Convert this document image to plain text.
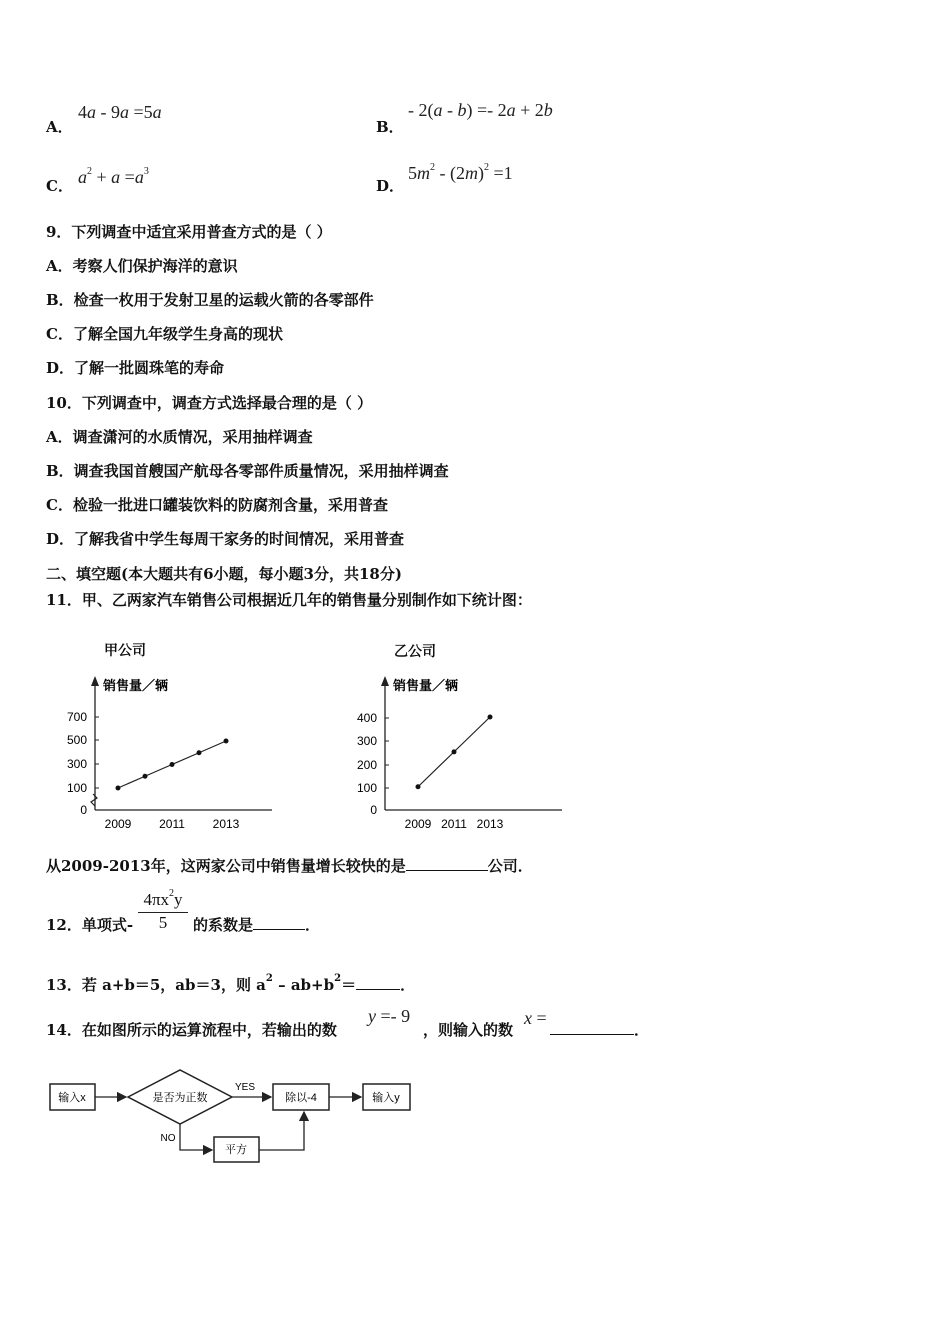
A．
4a - 9a =5a
B．
- 2(a - b) =- 2a + 2b
C． $a^2 + a =a^3$
D．
$5m^2 - (2m)^2 =1$
9．下列调查中适宜采用普查方式的是（ ）
A．考察人们保护海洋的意识
B．检查一枚用于发射卫星的运载火箭的各零部件
C．了解全国九年级学生身高的现状
D．了解一批圆珠笔的寿命
10．下列调查中，调查方式选择最合理的是（ ）
A．调查潇河的水质情况，采用抽样调查
B．调查我国首艘国产航母各零部件质量情况，采用抽样调查
C．检验一批进口罐装饮料的防腐剂含量，采用普查
D．了解我省中学生每周干家务的时间情况，采用普查
二、填空题(本大题共有6小题，每小题3分，共18分)
11．甲、乙两家汽车销售公司根据近几年的销售量分别制作如下统计图：
甲公司	乙公司
销售量／辆
0
100
300
500
700
2009 2011 2013
销售量／辆
0
100
200
300
400
2009 2011 2013
从2009-2013年，这两家公司中销售量增长较快的是	公司．
12．单项式- $\frac{4\pi x^2y}{5}$ 的系数是	．
13．若 a+b＝5，ab＝3，则 $a^2 - ab+b^2=$	．
14．在如图所示的运算流程中，若输出的数
y =- 9
，则输入的数
x =
．
输入x	是否为正数
YES
除以-4	输入y
NO
平方
